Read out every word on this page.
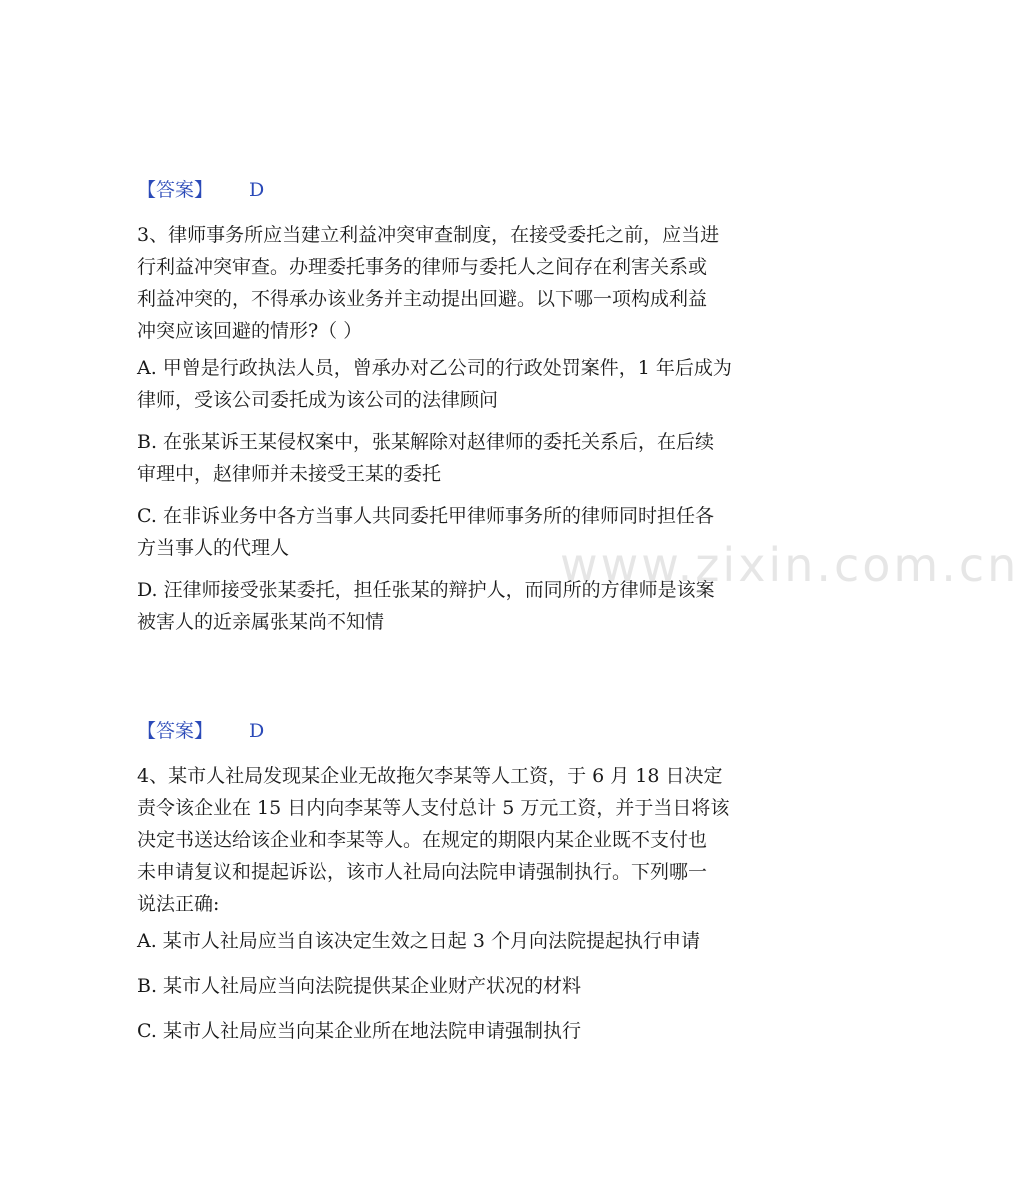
www.zixin.com.cn
【答案】 D
3、律师事务所应当建立利益冲突审查制度，在接受委托之前，应当进
行利益冲突审查。办理委托事务的律师与委托人之间存在利害关系或
利益冲突的，不得承办该业务并主动提出回避。以下哪一项构成利益
冲突应该回避的情形?（ ）
A. 甲曾是行政执法人员，曾承办对乙公司的行政处罚案件，1 年后成为
律师，受该公司委托成为该公司的法律顾问
B. 在张某诉王某侵权案中，张某解除对赵律师的委托关系后，在后续
审理中，赵律师并未接受王某的委托
C. 在非诉业务中各方当事人共同委托甲律师事务所的律师同时担任各
方当事人的代理人
D. 汪律师接受张某委托，担任张某的辩护人，而同所的方律师是该案
被害人的近亲属张某尚不知情
【答案】 D
4、某市人社局发现某企业无故拖欠李某等人工资，于 6 月 18 日决定
责令该企业在 15 日内向李某等人支付总计 5 万元工资，并于当日将该
决定书送达给该企业和李某等人。在规定的期限内某企业既不支付也
未申请复议和提起诉讼，该市人社局向法院申请强制执行。下列哪一
说法正确:
A. 某市人社局应当自该决定生效之日起 3 个月向法院提起执行申请
B. 某市人社局应当向法院提供某企业财产状况的材料
C. 某市人社局应当向某企业所在地法院申请强制执行
